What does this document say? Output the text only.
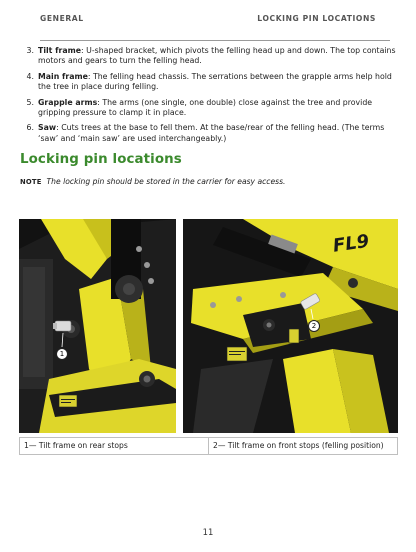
GENERAL	LOCKING PIN LOCATIONS
3. Tilt frame: U-shaped bracket, which pivots the felling head up and down. The top contains motors and gears to turn the felling head.
4. Main frame: The felling head chassis. The serrations between the grapple arms help hold the tree in place during felling.
5. Grapple arms: The arms (one single, one double) close against the tree and provide gripping pressure to clamp it in place.
6. Saw: Cuts trees at the base to fell them. At the base/rear of the felling head. (The terms ‘saw’ and ‘main saw’ are used interchangeably.)
Locking pin locations
NOTE The locking pin should be stored in the carrier for easy access.
1
FL9
2
1— Tilt frame on rear stops	2— Tilt frame on front stops (felling position)
11
